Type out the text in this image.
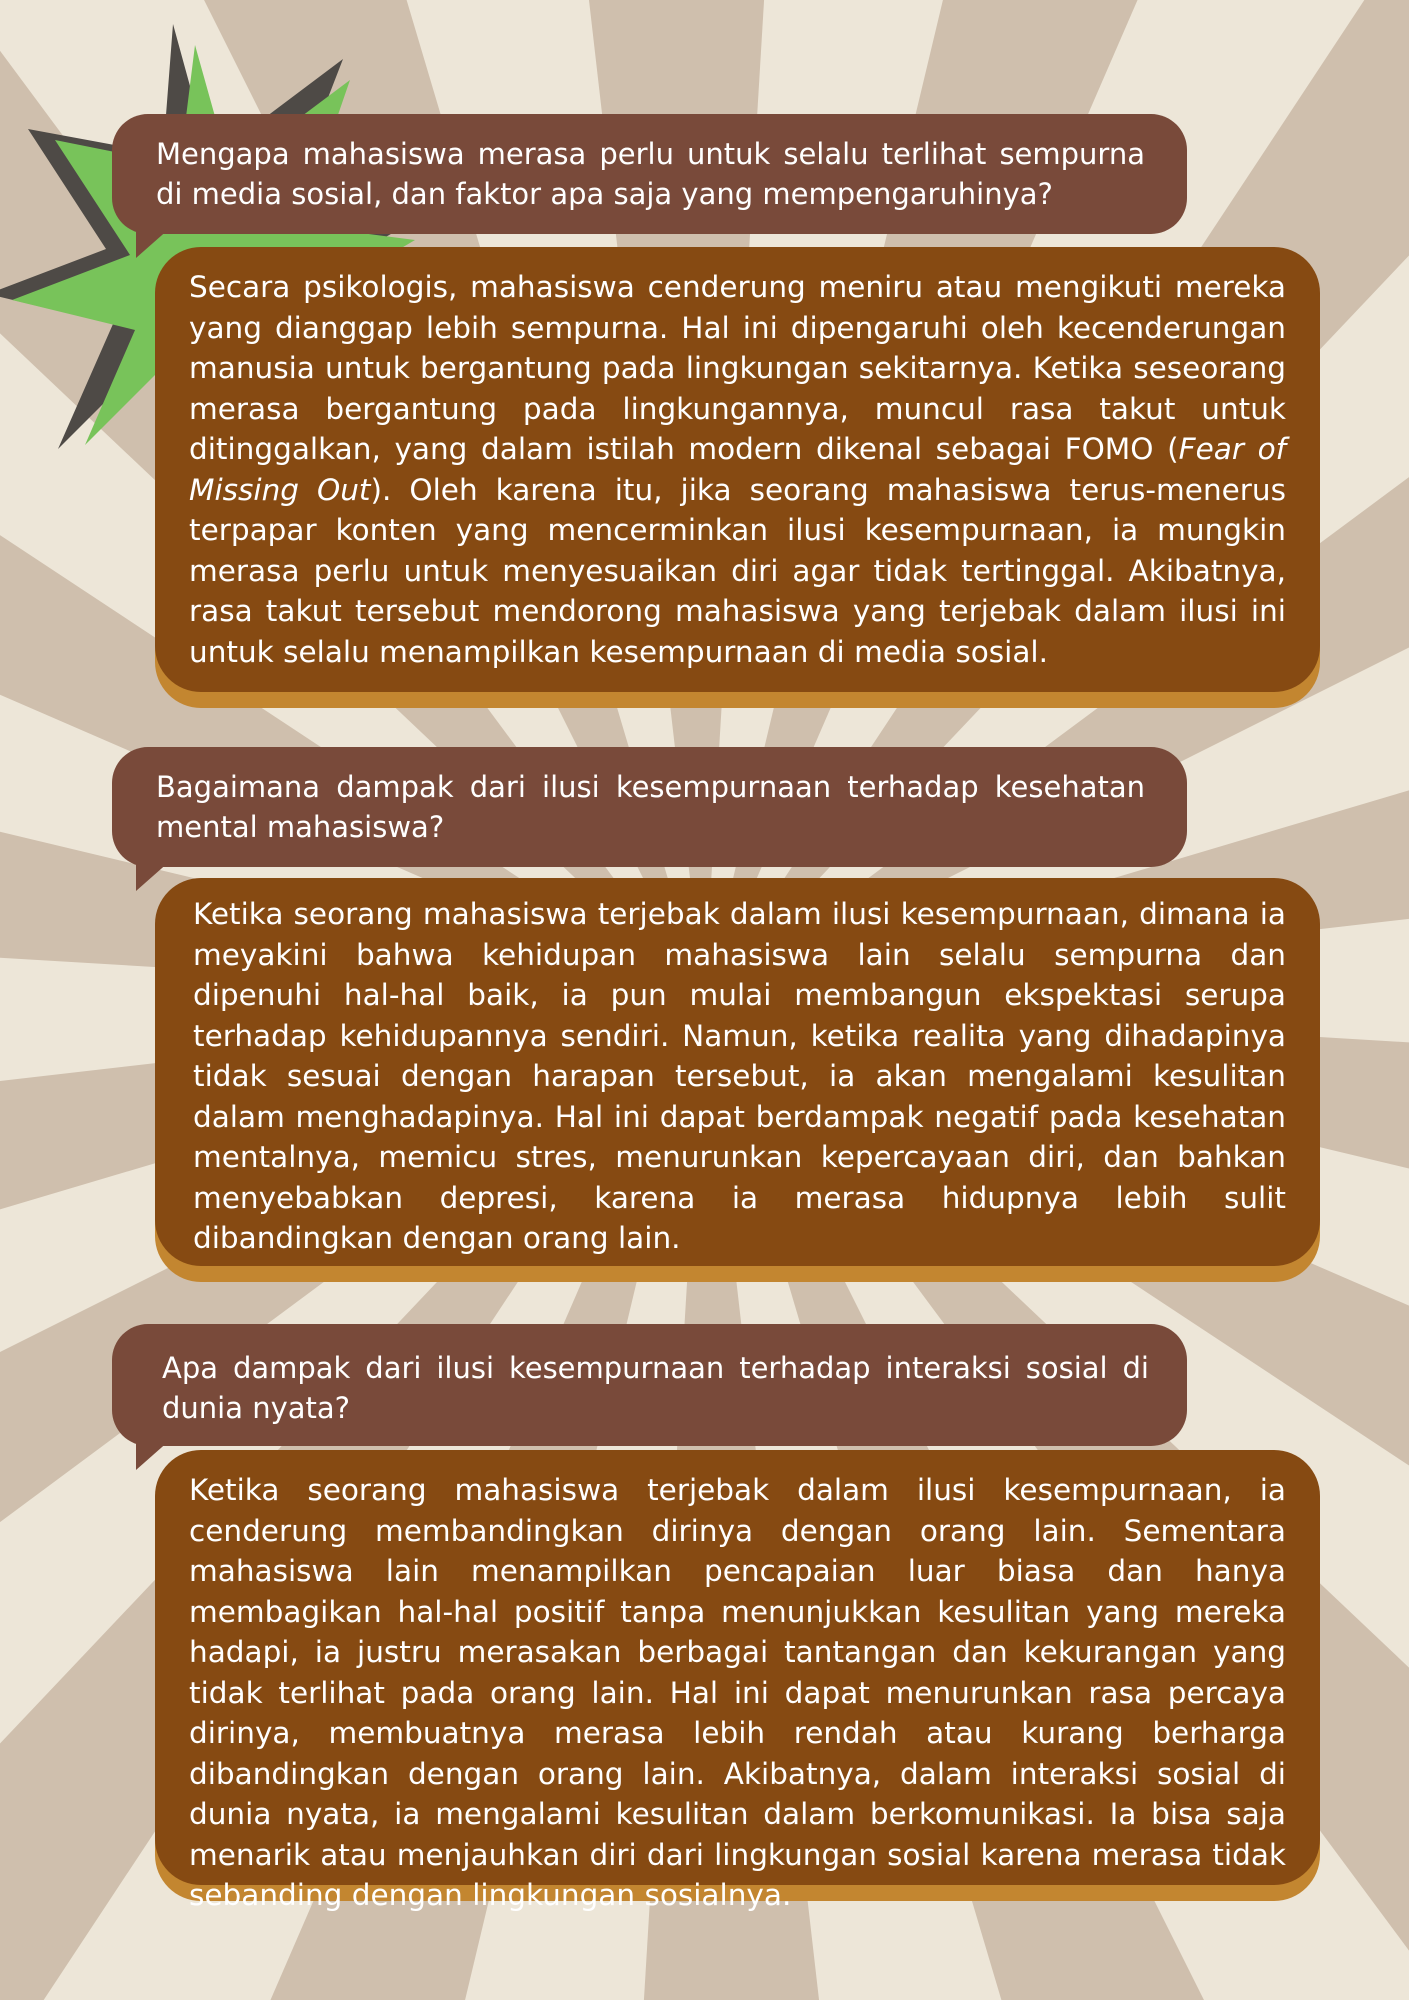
Mengapa mahasiswa merasa perlu untuk selalu terlihat sempurna di media sosial, dan faktor apa saja yang mempengaruhinya?
Secara psikologis, mahasiswa cenderung meniru atau mengikuti mereka yang dianggap lebih sempurna. Hal ini dipengaruhi oleh kecenderungan manusia untuk bergantung pada lingkungan sekitarnya. Ketika seseorang merasa bergantung pada lingkungannya, muncul rasa takut untuk ditinggalkan, yang dalam istilah modern dikenal sebagai FOMO (Fear of Missing Out). Oleh karena itu, jika seorang mahasiswa terus-menerus terpapar konten yang mencerminkan ilusi kesempurnaan, ia mungkin merasa perlu untuk menyesuaikan diri agar tidak tertinggal. Akibatnya, rasa takut tersebut mendorong mahasiswa yang terjebak dalam ilusi ini untuk selalu menampilkan kesempurnaan di media sosial.
Bagaimana dampak dari ilusi kesempurnaan terhadap kesehatan mental mahasiswa?
Ketika seorang mahasiswa terjebak dalam ilusi kesempurnaan, dimana ia meyakini bahwa kehidupan mahasiswa lain selalu sempurna dan dipenuhi hal-hal baik, ia pun mulai membangun ekspektasi serupa terhadap kehidupannya sendiri. Namun, ketika realita yang dihadapinya tidak sesuai dengan harapan tersebut, ia akan mengalami kesulitan dalam menghadapinya. Hal ini dapat berdampak negatif pada kesehatan mentalnya, memicu stres, menurunkan kepercayaan diri, dan bahkan menyebabkan depresi, karena ia merasa hidupnya lebih sulit dibandingkan dengan orang lain.
Apa dampak dari ilusi kesempurnaan terhadap interaksi sosial di dunia nyata?
Ketika seorang mahasiswa terjebak dalam ilusi kesempurnaan, ia cenderung membandingkan dirinya dengan orang lain. Sementara mahasiswa lain menampilkan pencapaian luar biasa dan hanya membagikan hal-hal positif tanpa menunjukkan kesulitan yang mereka hadapi, ia justru merasakan berbagai tantangan dan kekurangan yang tidak terlihat pada orang lain. Hal ini dapat menurunkan rasa percaya dirinya, membuatnya merasa lebih rendah atau kurang berharga dibandingkan dengan orang lain. Akibatnya, dalam interaksi sosial di dunia nyata, ia mengalami kesulitan dalam berkomunikasi. Ia bisa saja menarik atau menjauhkan diri dari lingkungan sosial karena merasa tidak sebanding dengan lingkungan sosialnya.
